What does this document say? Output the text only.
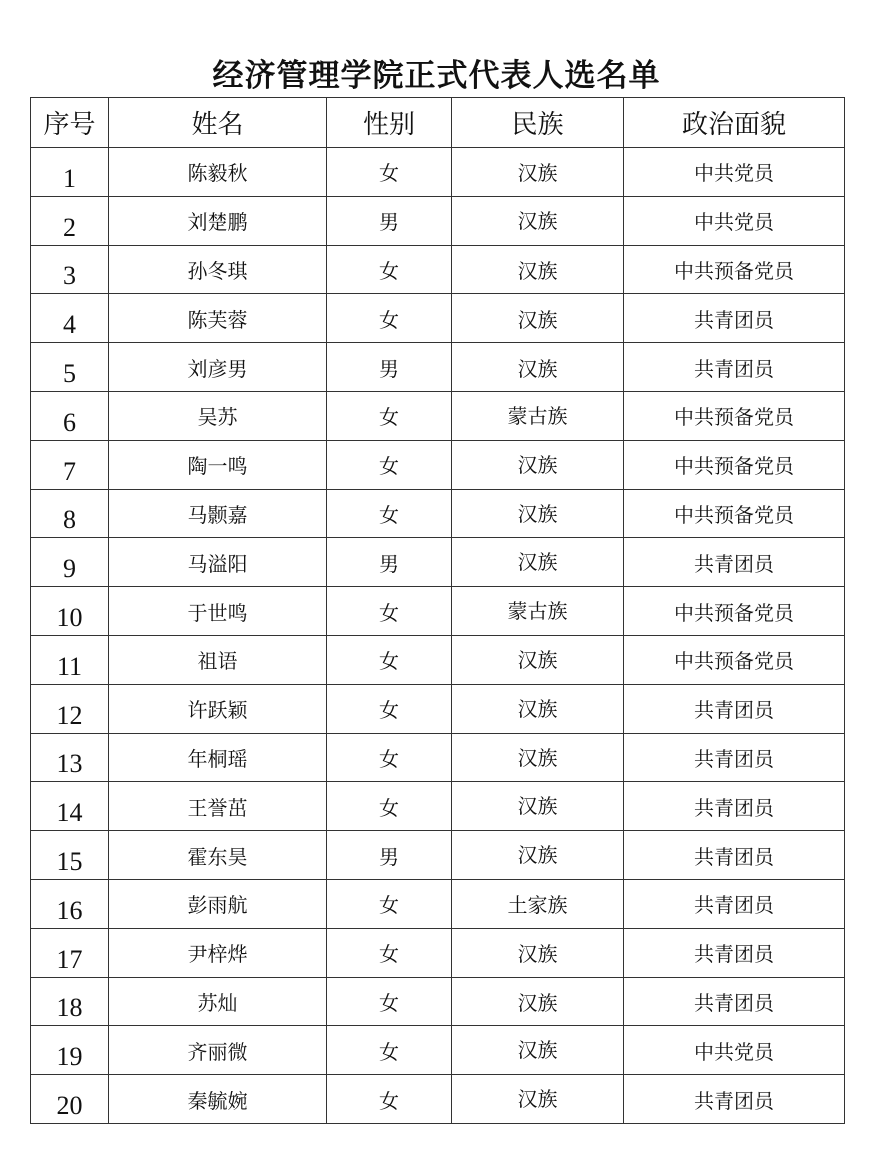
经济管理学院正式代表人选名单
序号	姓名	性别	民族	政治面貌
1	陈毅秋	女	汉族	中共党员
2	刘楚鹏	男	汉族	中共党员
3	孙冬琪	女	汉族	中共预备党员
4	陈芙蓉	女	汉族	共青团员
5	刘彦男	男	汉族	共青团员
6	吴苏	女	蒙古族	中共预备党员
7	陶一鸣	女	汉族	中共预备党员
8	马颢嘉	女	汉族	中共预备党员
9	马溢阳	男	汉族	共青团员
10	于世鸣	女	蒙古族	中共预备党员
11	祖语	女	汉族	中共预备党员
12	许跃颖	女	汉族	共青团员
13	年桐瑶	女	汉族	共青团员
14	王誉茁	女	汉族	共青团员
15	霍东昊	男	汉族	共青团员
16	彭雨航	女	土家族	共青团员
17	尹梓烨	女	汉族	共青团员
18	苏灿	女	汉族	共青团员
19	齐丽微	女	汉族	中共党员
20	秦毓婉	女	汉族	共青团员
